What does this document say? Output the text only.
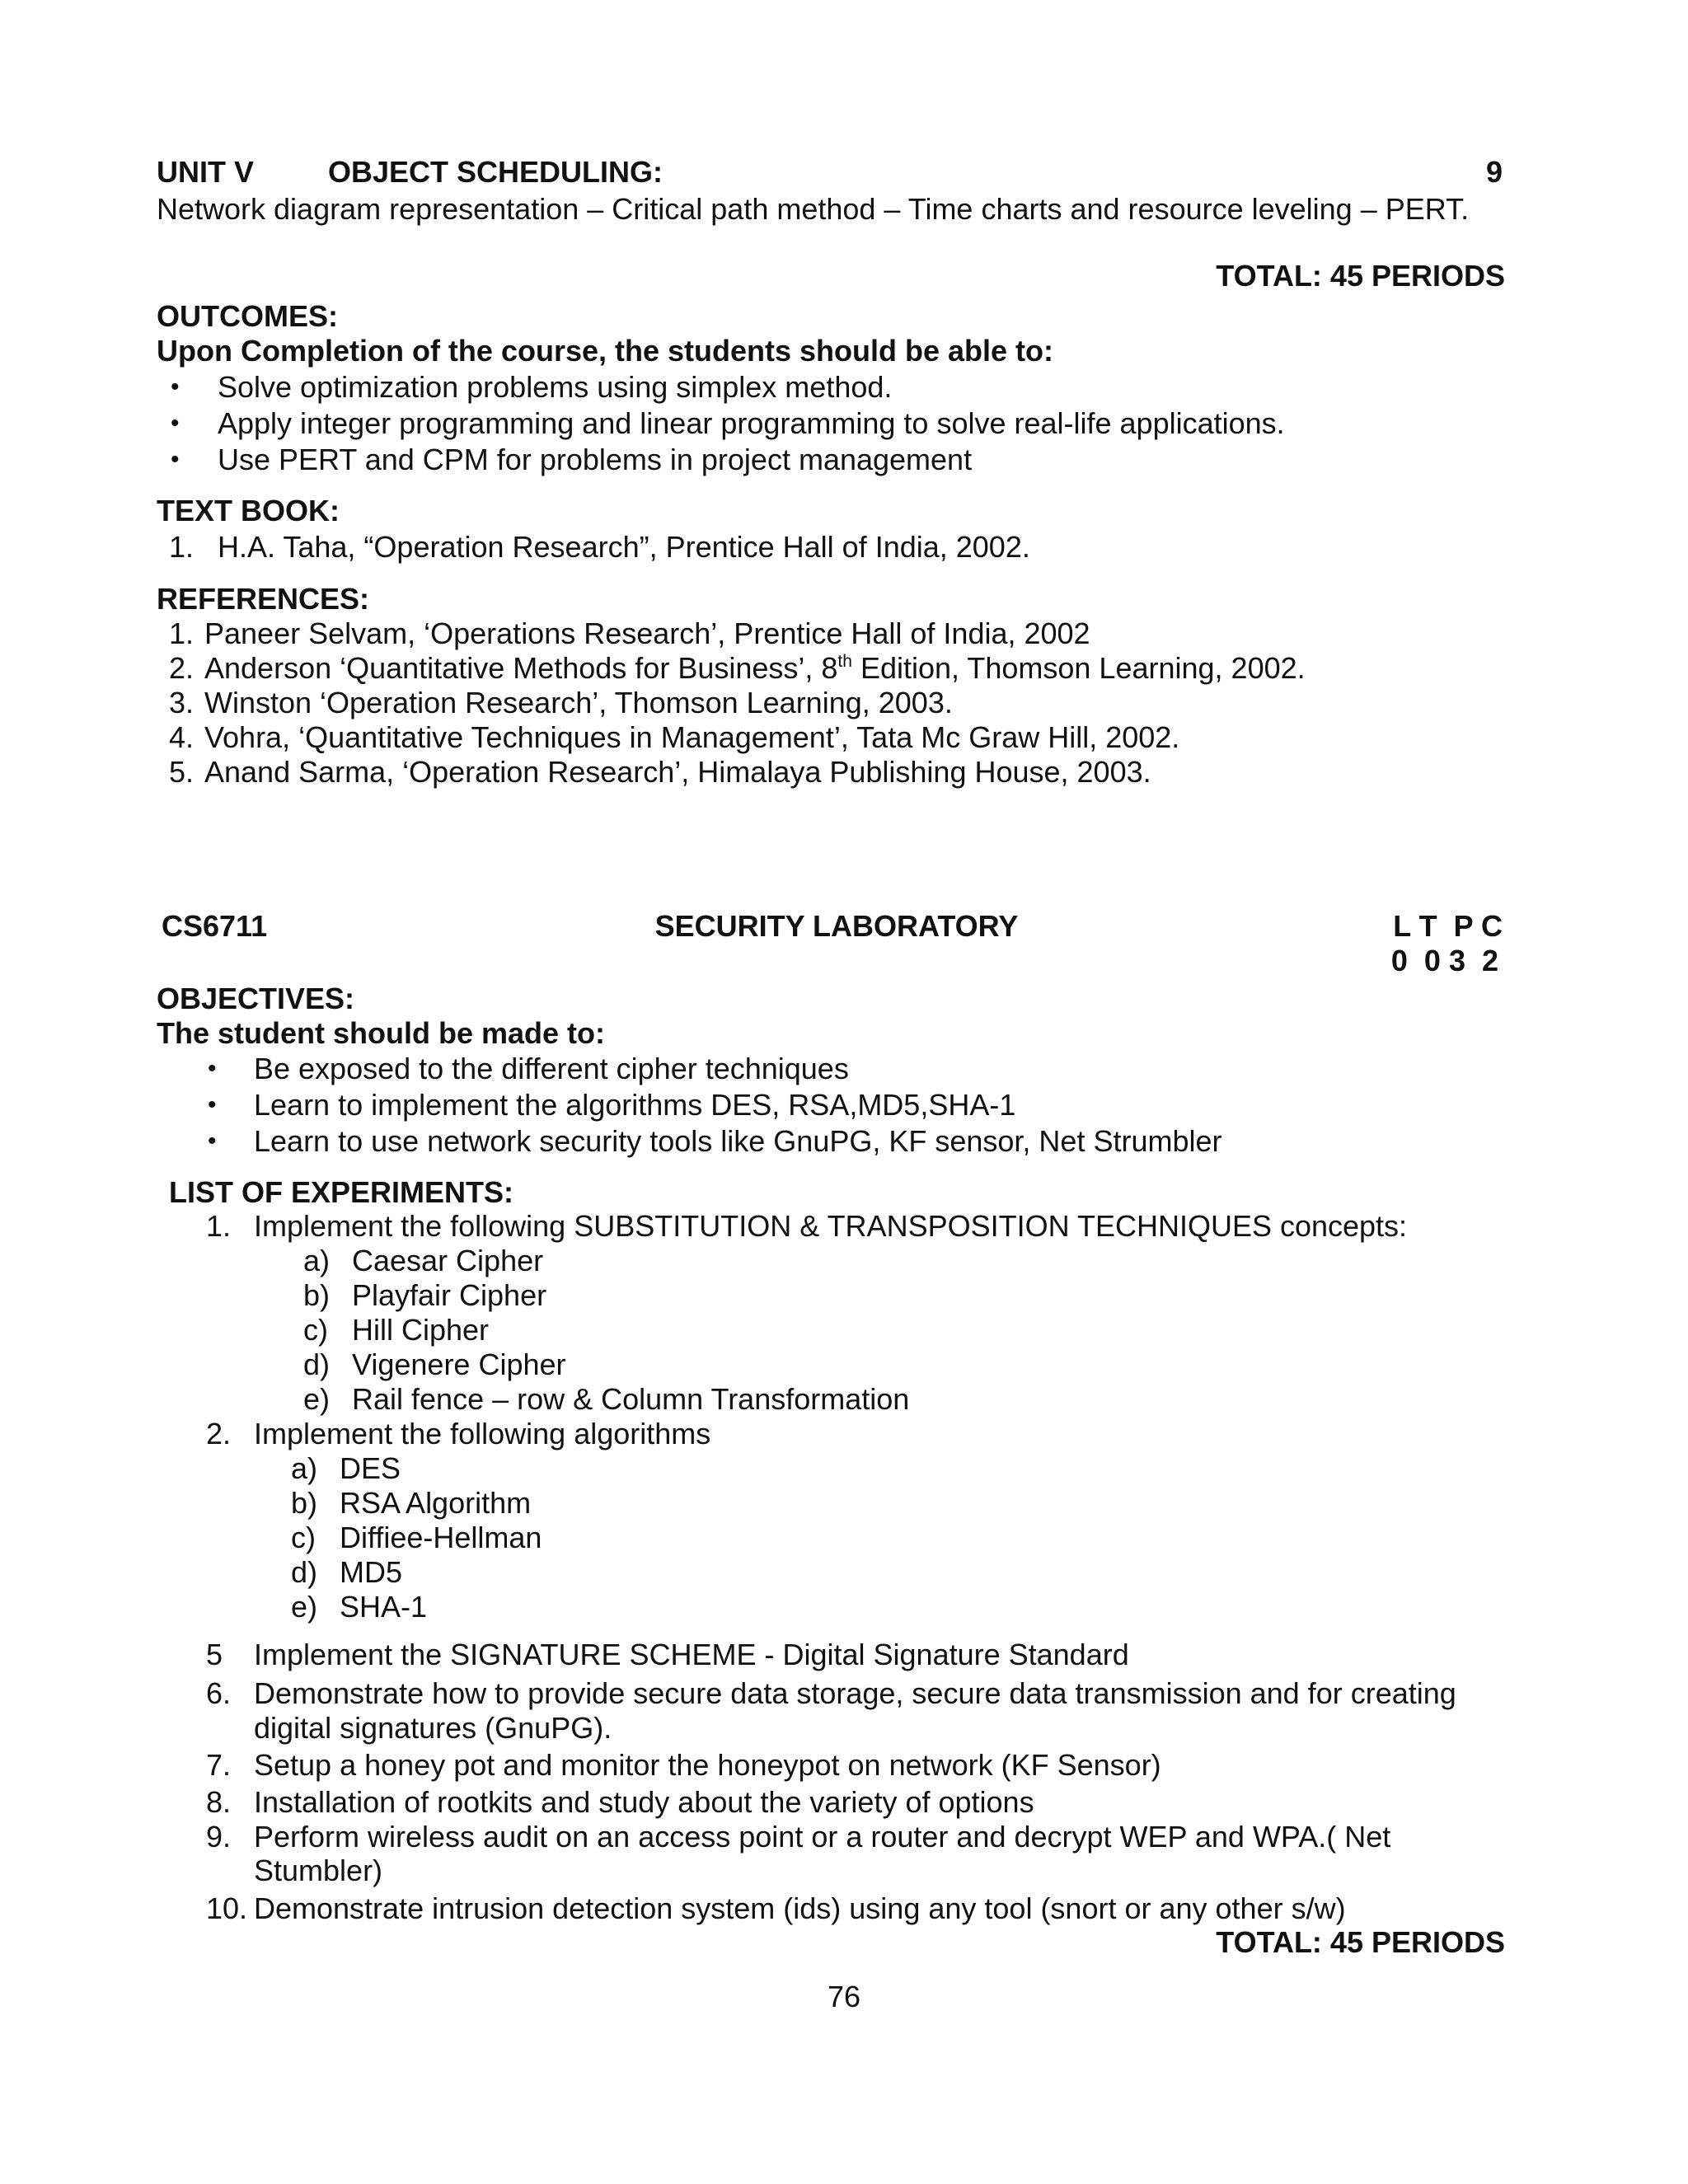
UNIT V OBJECT SCHEDULING:	9
Network diagram representation – Critical path method – Time charts and resource leveling – PERT.
TOTAL: 45 PERIODS
OUTCOMES:
Upon Completion of the course, the students should be able to:
• Solve optimization problems using simplex method.
• Apply integer programming and linear programming to solve real-life applications.
• Use PERT and CPM for problems in project management
TEXT BOOK:
1. H.A. Taha, “Operation Research”, Prentice Hall of India, 2002.
REFERENCES:
1. Paneer Selvam, ‘Operations Research’, Prentice Hall of India, 2002
2. Anderson ‘Quantitative Methods for Business’, 8th Edition, Thomson Learning, 2002.
3. Winston ‘Operation Research’, Thomson Learning, 2003.
4. Vohra, ‘Quantitative Techniques in Management’, Tata Mc Graw Hill, 2002.
5. Anand Sarma, ‘Operation Research’, Himalaya Publishing House, 2003.
CS6711	SECURITY LABORATORY	L T  P C
0  0 3  2
OBJECTIVES:
The student should be made to:
• Be exposed to the different cipher techniques
• Learn to implement the algorithms DES, RSA,MD5,SHA-1
• Learn to use network security tools like GnuPG, KF sensor, Net Strumbler
LIST OF EXPERIMENTS:
1. Implement the following SUBSTITUTION & TRANSPOSITION TECHNIQUES concepts:
a) Caesar Cipher
b) Playfair Cipher
c) Hill Cipher
d) Vigenere Cipher
e) Rail fence – row & Column Transformation
2. Implement the following algorithms
a) DES
b) RSA Algorithm
c) Diffiee-Hellman
d) MD5
e) SHA-1
5 Implement the SIGNATURE SCHEME - Digital Signature Standard
6. Demonstrate how to provide secure data storage, secure data transmission and for creating
digital signatures (GnuPG).
7. Setup a honey pot and monitor the honeypot on network (KF Sensor)
8. Installation of rootkits and study about the variety of options
9. Perform wireless audit on an access point or a router and decrypt WEP and WPA.( Net
Stumbler)
10. Demonstrate intrusion detection system (ids) using any tool (snort or any other s/w)
TOTAL: 45 PERIODS
76
